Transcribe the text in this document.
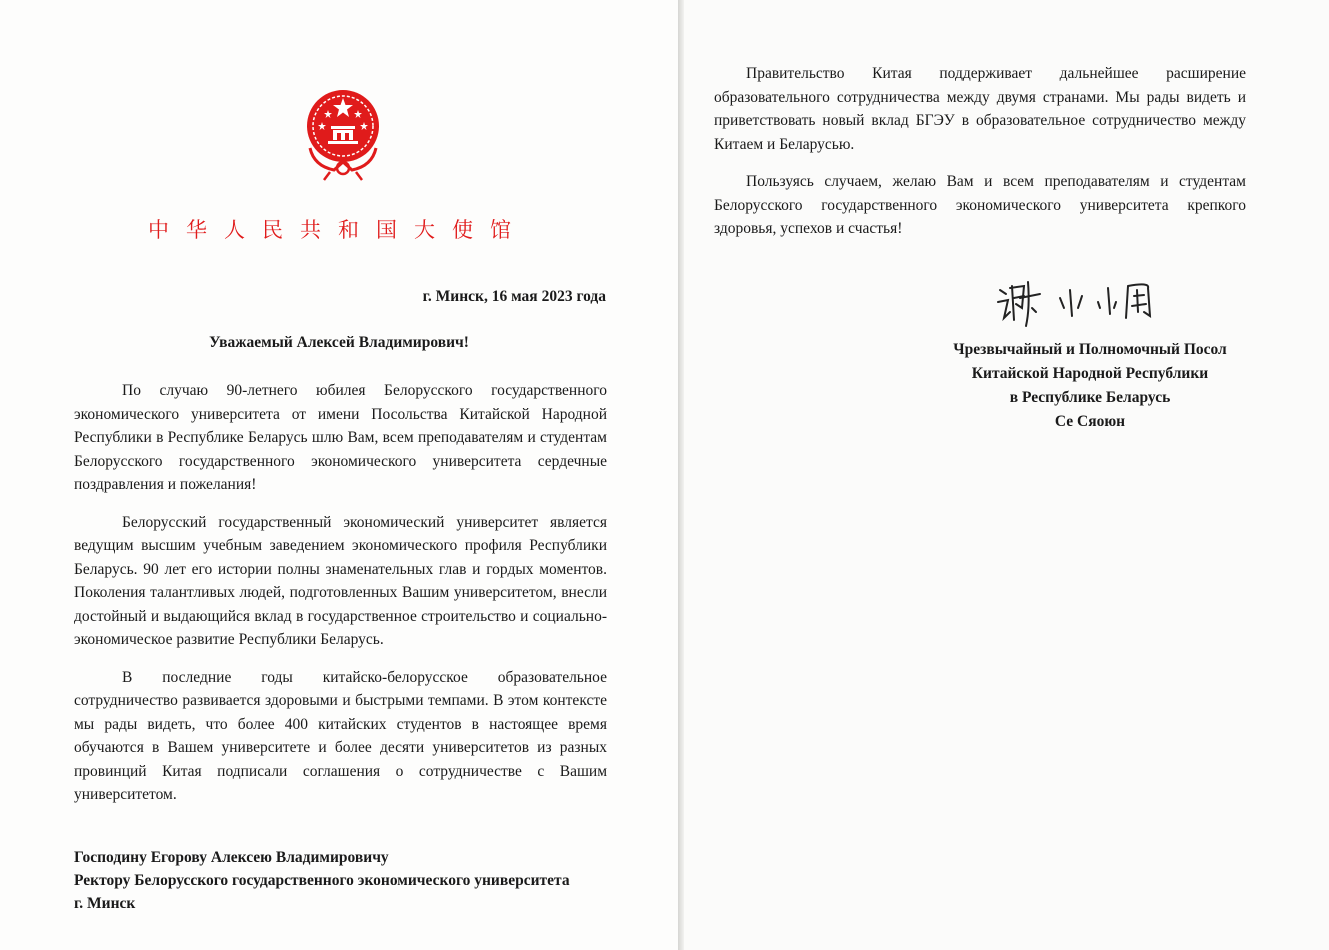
中华人民共和国大使馆
г. Минск, 16 мая 2023 года
Уважаемый Алексей Владимирович!

По случаю 90-летнего юбилея Белорусского государственного экономического университета от имени Посольства Китайской Народной Республики в Республике Беларусь шлю Вам, всем преподавателям и студентам Белорусского государственного экономического университета сердечные поздравления и пожелания!

Белорусский государственный экономический университет является ведущим высшим учебным заведением экономического профиля Республики Беларусь. 90 лет его истории полны знаменательных глав и гордых моментов. Поколения талантливых людей, подготовленных Вашим университетом, внесли достойный и выдающийся вклад в государственное строительство и социально-экономическое развитие Республики Беларусь.

В последние годы китайско-белорусское образовательное сотрудничество развивается здоровыми и быстрыми темпами. В этом контексте мы рады видеть, что более 400 китайских студентов в настоящее время обучаются в Вашем университете и более десяти университетов из разных провинций Китая подписали соглашения о сотрудничестве с Вашим университетом.

Господину Егорову Алексею Владимировичу
Ректору Белорусского государственного экономического университета
г. Минск

Правительство Китая поддерживает дальнейшее расширение образовательного сотрудничества между двумя странами. Мы рады видеть и приветствовать новый вклад БГЭУ в образовательное сотрудничество между Китаем и Беларусью.

Пользуясь случаем, желаю Вам и всем преподавателям и студентам Белорусского государственного экономического университета крепкого здоровья, успехов и счастья!

Чрезвычайный и Полномочный Посол
Китайской Народной Республики
в Республике Беларусь
Се Сяоюн
